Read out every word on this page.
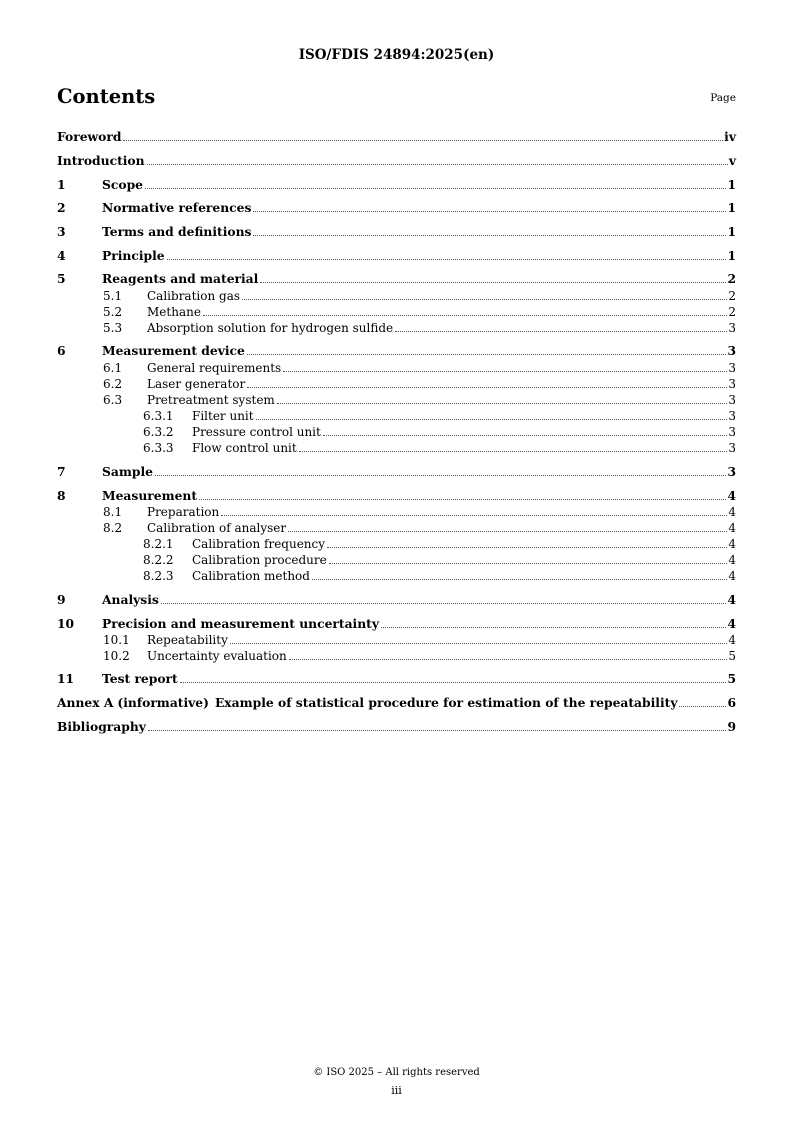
ISO/FDIS 24894:2025(en)
Contents	Page
Foreword	iv
Introduction	v
1	Scope	1
2	Normative references	1
3	Terms and definitions	1
4	Principle	1
5	Reagents and material	2
5.1	Calibration gas	2
5.2	Methane	2
5.3	Absorption solution for hydrogen sulfide	3
6	Measurement device	3
6.1	General requirements	3
6.2	Laser generator	3
6.3	Pretreatment system	3
6.3.1	Filter unit	3
6.3.2	Pressure control unit	3
6.3.3	Flow control unit	3
7	Sample	3
8	Measurement	4
8.1	Preparation	4
8.2	Calibration of analyser	4
8.2.1	Calibration frequency	4
8.2.2	Calibration procedure	4
8.2.3	Calibration method	4
9	Analysis	4
10	Precision and measurement uncertainty	4
10.1	Repeatability	4
10.2	Uncertainty evaluation	5
11	Test report	5
Annex A (informative) Example of statistical procedure for estimation of the repeatability	6
Bibliography	9
© ISO 2025 – All rights reserved
iii
